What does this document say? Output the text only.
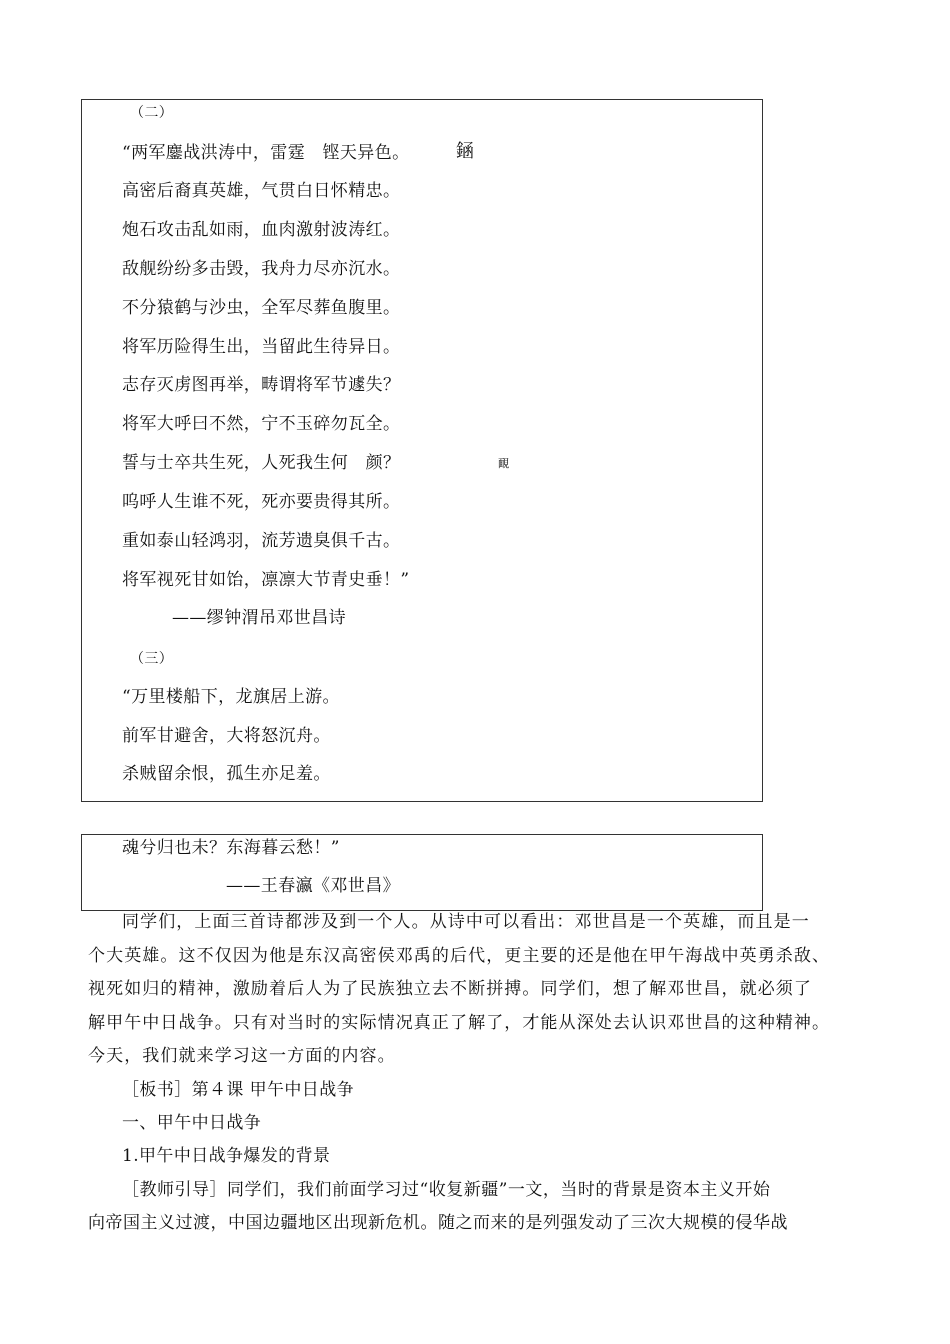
（二）
“两军鏖战洪涛中，雷霆　铿天异色。	䤴
高密后裔真英雄，气贯白日怀精忠。
炮石攻击乱如雨，血肉激射波涛红。
敌舰纷纷多击毁，我舟力尽亦沉水。
不分猿鹤与沙虫，全军尽葬鱼腹里。
将军历险得生出，当留此生待异日。
志存灭虏图再举，畴谓将军节遽失？
将军大呼曰不然，宁不玉碎勿瓦全。
誓与士卒共生死，人死我生何　颜？	靦
呜呼人生谁不死，死亦要贵得其所。
重如泰山轻鸿羽，流芳遗臭俱千古。
将军视死甘如饴，凛凛大节青史垂！”
——缪钟渭吊邓世昌诗
（三）
“万里楼船下，龙旗居上游。
前军甘避舍，大将怒沉舟。
杀贼留余恨，孤生亦足羞。
魂兮归也未？东海暮云愁！”
——王春瀛《邓世昌》
同学们，上面三首诗都涉及到一个人。从诗中可以看出：邓世昌是一个英雄，而且是一
个大英雄。这不仅因为他是东汉高密侯邓禹的后代，更主要的还是他在甲午海战中英勇杀敌、
视死如归的精神，激励着后人为了民族独立去不断拼搏。同学们，想了解邓世昌，就必须了
解甲午中日战争。只有对当时的实际情况真正了解了，才能从深处去认识邓世昌的这种精神。
今天，我们就来学习这一方面的内容。
［板书］第４课 甲午中日战争
一、甲午中日战争
1.甲午中日战争爆发的背景
［教师引导］同学们，我们前面学习过“收复新疆”一文，当时的背景是资本主义开始
向帝国主义过渡，中国边疆地区出现新危机。随之而来的是列强发动了三次大规模的侵华战
